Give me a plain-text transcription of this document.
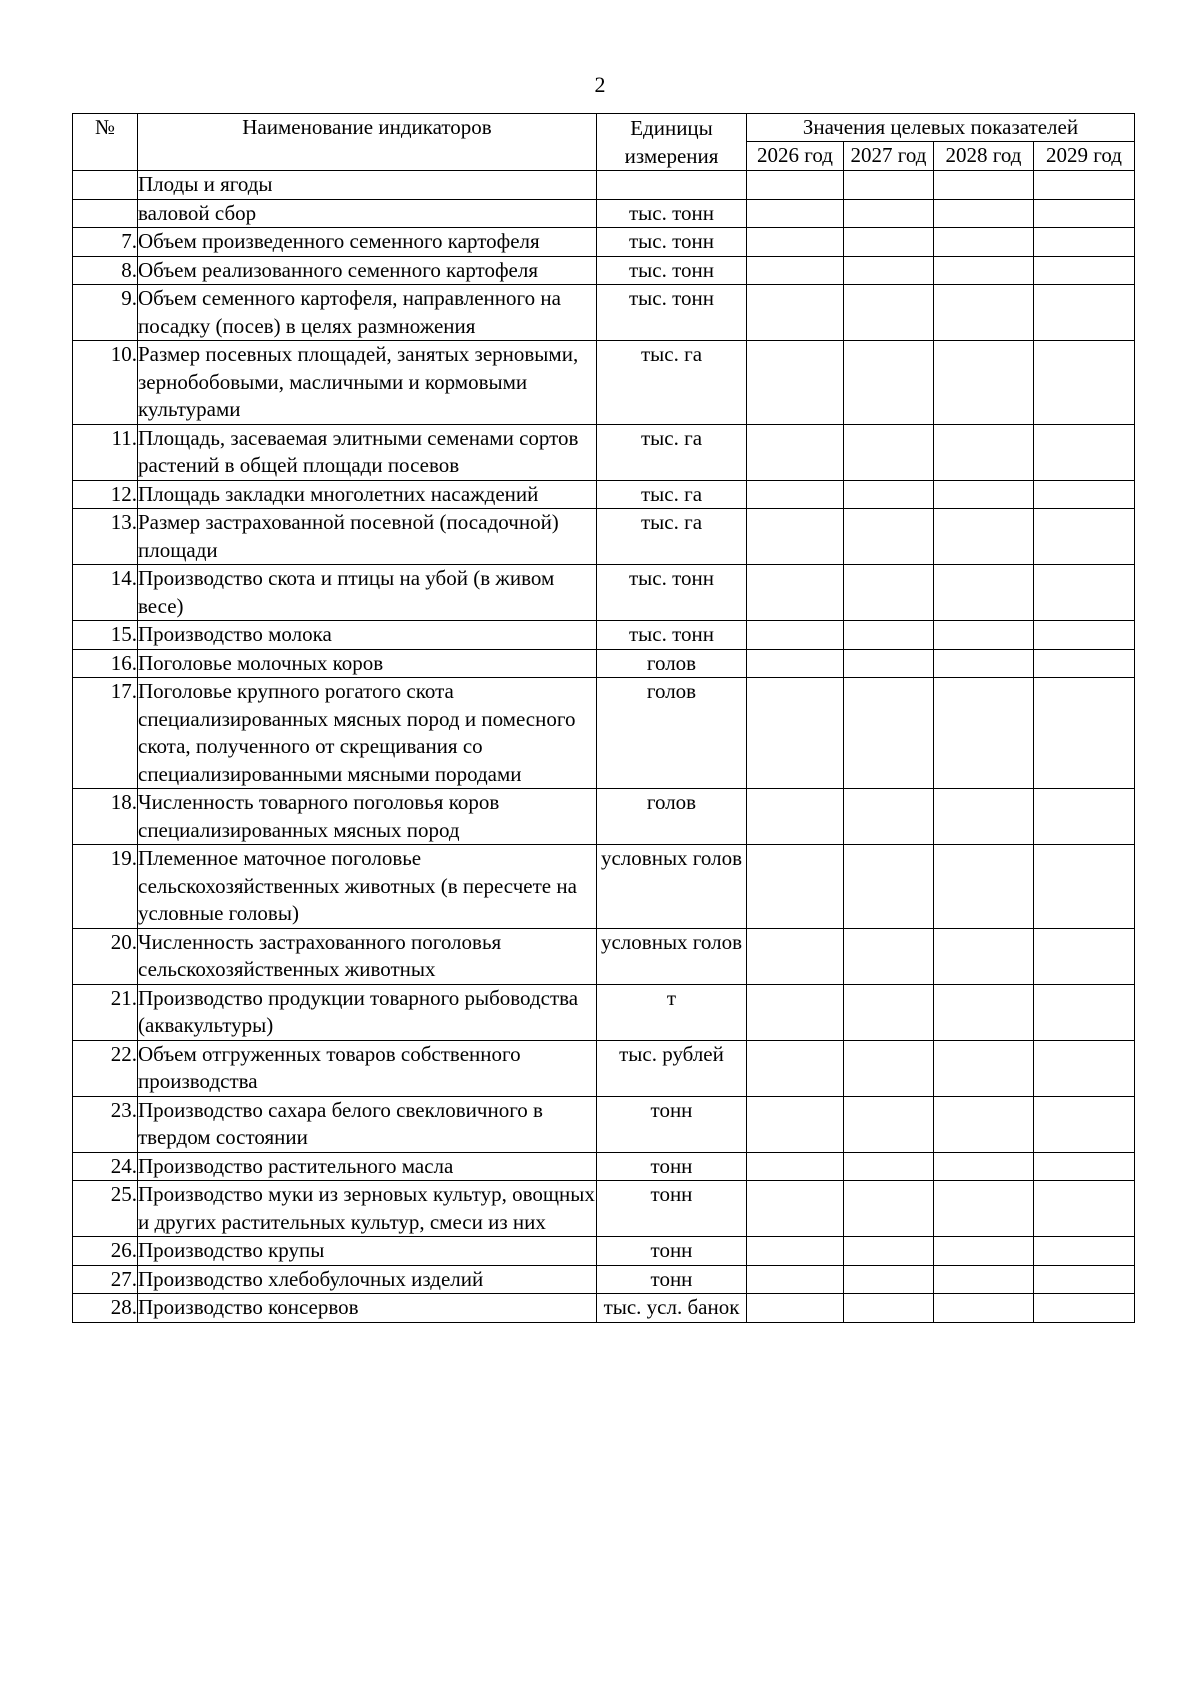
2
№	Наименование индикаторов	Единицы измерения	Значения целевых показателей			
			2026 год	2027 год	2028 год	2029 год
	Плоды и ягоды					
	валовой сбор	тыс. тонн				
7.	Объем произведенного семенного картофеля	тыс. тонн				
8.	Объем реализованного семенного картофеля	тыс. тонн				
9.	Объем семенного картофеля, направленного на посадку (посев) в целях размножения	тыс. тонн				
10.	Размер посевных площадей, занятых зерновыми, зернобобовыми, масличными и кормовыми культурами	тыс. га				
11.	Площадь, засеваемая элитными семенами сортов растений в общей площади посевов	тыс. га				
12.	Площадь закладки многолетних насаждений	тыс. га				
13.	Размер застрахованной посевной (посадочной) площади	тыс. га				
14.	Производство скота и птицы на убой (в живом весе)	тыс. тонн				
15.	Производство молока	тыс. тонн				
16.	Поголовье молочных коров	голов				
17.	Поголовье крупного рогатого скота специализированных мясных пород и помесного скота, полученного от скрещивания со специализированными мясными породами	голов				
18.	Численность товарного поголовья коров специализированных мясных пород	голов				
19.	Племенное маточное поголовье сельскохозяйственных животных (в пересчете на условные головы)	условных голов				
20.	Численность застрахованного поголовья сельскохозяйственных животных	условных голов				
21.	Производство продукции товарного рыбоводства (аквакультуры)	т				
22.	Объем отгруженных товаров собственного производства	тыс. рублей				
23.	Производство сахара белого свекловичного в твердом состоянии	тонн				
24.	Производство растительного масла	тонн				
25.	Производство муки из зерновых культур, овощных и других растительных культур, смеси из них	тонн				
26.	Производство крупы	тонн				
27.	Производство хлебобулочных изделий	тонн				
28.	Производство консервов	тыс. усл. банок				
